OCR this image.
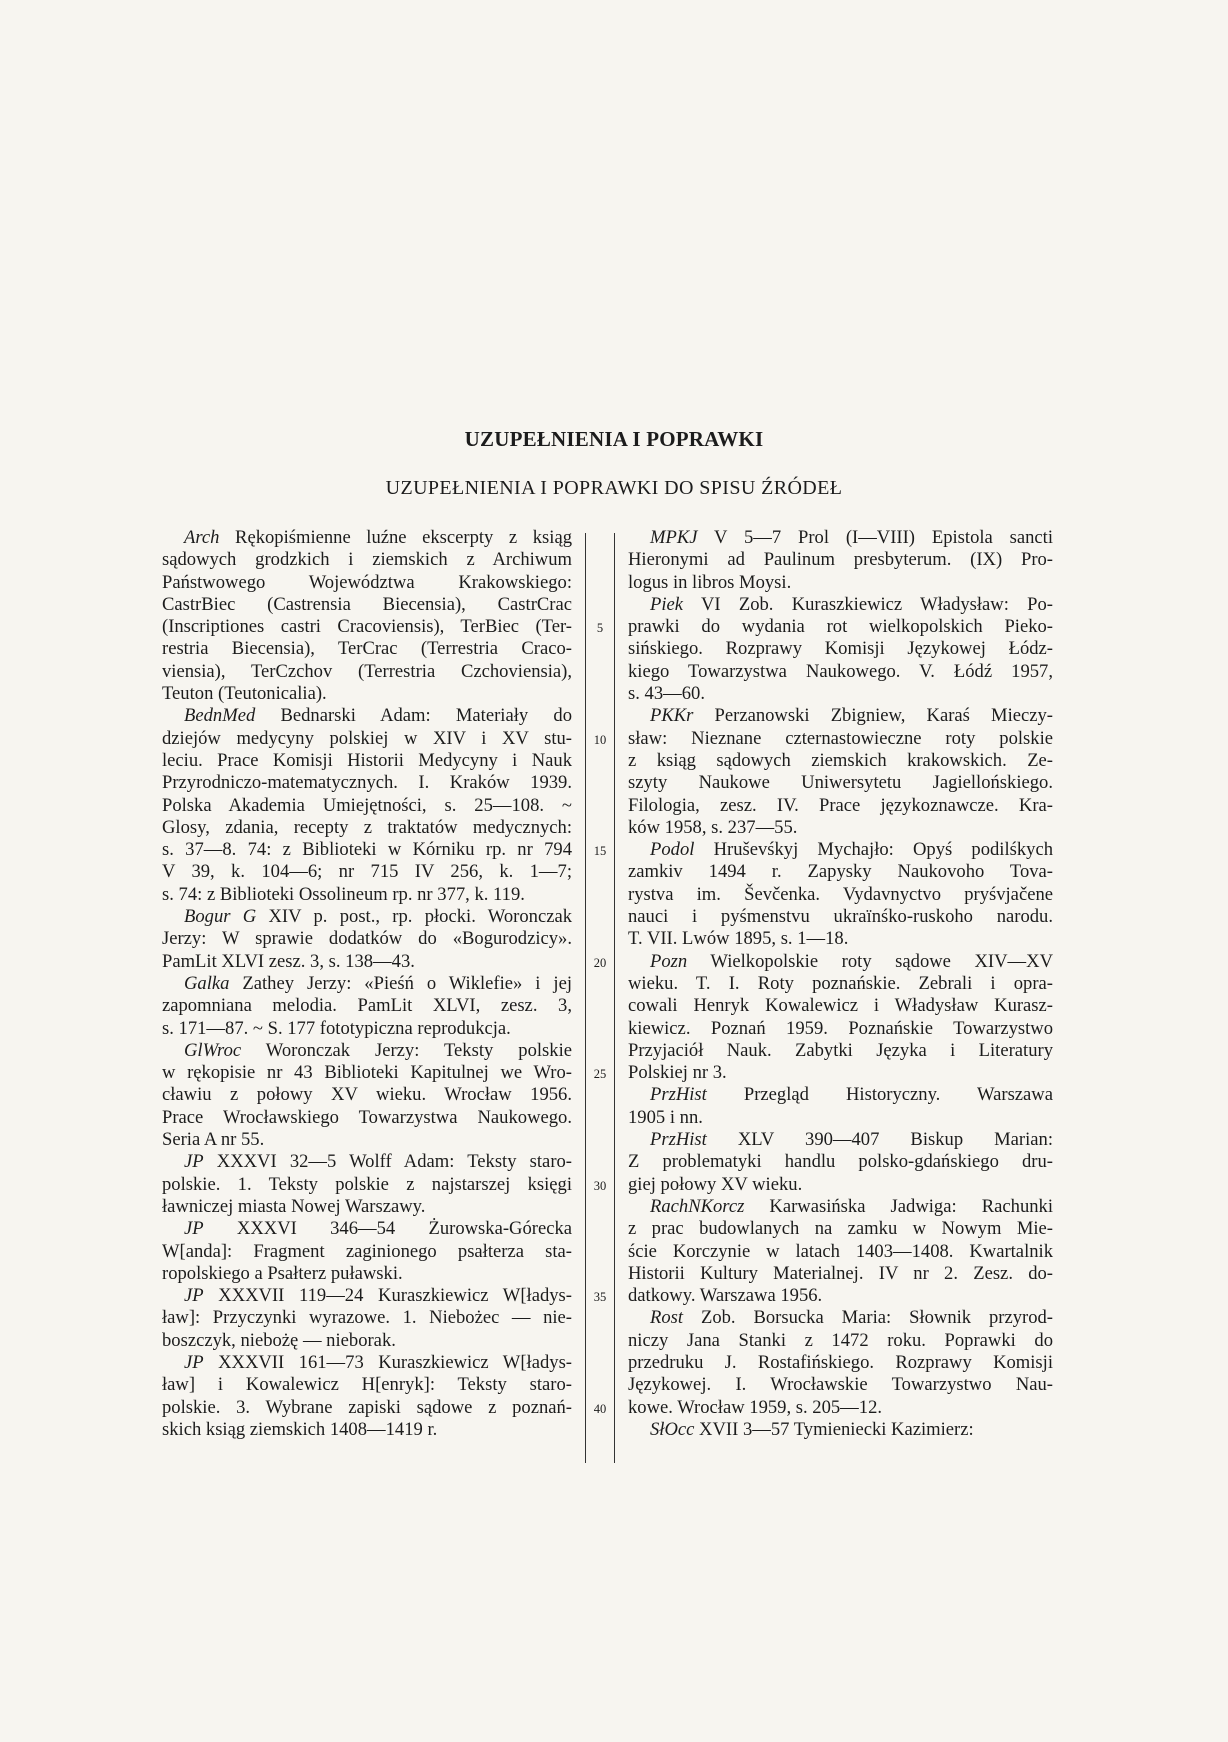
UZUPEŁNIENIA I POPRAWKI
UZUPEŁNIENIA I POPRAWKI DO SPISU ŹRÓDEŁ
Arch Rękopiśmienne luźne ekscerpty z ksiąg
sądowych grodzkich i ziemskich z Archiwum
Państwowego Województwa Krakowskiego:
CastrBiec (Castrensia Biecensia), CastrCrac
(Inscriptiones castri Cracoviensis), TerBiec (Ter-
restria Biecensia), TerCrac (Terrestria Craco-
viensia), TerCzchov (Terrestria Czchoviensia),
Teuton (Teutonicalia).
BednMed Bednarski Adam: Materiały do
dziejów medycyny polskiej w XIV i XV stu-
leciu. Prace Komisji Historii Medycyny i Nauk
Przyrodniczo-matematycznych. I. Kraków 1939.
Polska Akademia Umiejętności, s. 25—108. ~
Glosy, zdania, recepty z traktatów medycznych:
s. 37—8. 74: z Biblioteki w Kórniku rp. nr 794
V 39, k. 104—6; nr 715 IV 256, k. 1—7;
s. 74: z Biblioteki Ossolineum rp. nr 377, k. 119.
Bogur G XIV p. post., rp. płocki. Woronczak
Jerzy: W sprawie dodatków do «Bogurodzicy».
PamLit XLVI zesz. 3, s. 138—43.
Galka Zathey Jerzy: «Pieśń o Wiklefie» i jej
zapomniana melodia. PamLit XLVI, zesz. 3,
s. 171—87. ~ S. 177 fototypiczna reprodukcja.
GlWroc Woronczak Jerzy: Teksty polskie
w rękopisie nr 43 Biblioteki Kapitulnej we Wro-
cławiu z połowy XV wieku. Wrocław 1956.
Prace Wrocławskiego Towarzystwa Naukowego.
Seria A nr 55.
JP XXXVI 32—5 Wolff Adam: Teksty staro-
polskie. 1. Teksty polskie z najstarszej księgi
ławniczej miasta Nowej Warszawy.
JP XXXVI 346—54 Żurowska-Górecka
W[anda]: Fragment zaginionego psałterza sta-
ropolskiego a Psałterz puławski.
JP XXXVII 119—24 Kuraszkiewicz W[ładys-
ław]: Przyczynki wyrazowe. 1. Niebożec — nie-
boszczyk, niebożę — nieborak.
JP XXXVII 161—73 Kuraszkiewicz W[ładys-
ław] i Kowalewicz H[enryk]: Teksty staro-
polskie. 3. Wybrane zapiski sądowe z poznań-
skich ksiąg ziemskich 1408—1419 r.
5
10
15
20
25
30
35
40
MPKJ V 5—7 Prol (I—VIII) Epistola sancti
Hieronymi ad Paulinum presbyterum. (IX) Pro-
logus in libros Moysi.
Piek VI Zob. Kuraszkiewicz Władysław: Po-
prawki do wydania rot wielkopolskich Pieko-
sińskiego. Rozprawy Komisji Językowej Łódz-
kiego Towarzystwa Naukowego. V. Łódź 1957,
s. 43—60.
PKKr Perzanowski Zbigniew, Karaś Mieczy-
sław: Nieznane czternastowieczne roty polskie
z ksiąg sądowych ziemskich krakowskich. Ze-
szyty Naukowe Uniwersytetu Jagiellońskiego.
Filologia, zesz. IV. Prace językoznawcze. Kra-
ków 1958, s. 237—55.
Podol Hruševśkyj Mychajło: Opyś podilśkych
zamkiv 1494 r. Zapysky Naukovoho Tova-
rystva im. Ševčenka. Vydavnyctvo pryśvjačene
nauci i pyśmenstvu ukraïnśko-ruskoho narodu.
T. VII. Lwów 1895, s. 1—18.
Pozn Wielkopolskie roty sądowe XIV—XV
wieku. T. I. Roty poznańskie. Zebrali i opra-
cowali Henryk Kowalewicz i Władysław Kurasz-
kiewicz. Poznań 1959. Poznańskie Towarzystwo
Przyjaciół Nauk. Zabytki Języka i Literatury
Polskiej nr 3.
PrzHist Przegląd Historyczny. Warszawa
1905 i nn.
PrzHist XLV 390—407 Biskup Marian:
Z problematyki handlu polsko-gdańskiego dru-
giej połowy XV wieku.
RachNKorcz Karwasińska Jadwiga: Rachunki
z prac budowlanych na zamku w Nowym Mie-
ście Korczynie w latach 1403—1408. Kwartalnik
Historii Kultury Materialnej. IV nr 2. Zesz. do-
datkowy. Warszawa 1956.
Rost Zob. Borsucka Maria: Słownik przyrod-
niczy Jana Stanki z 1472 roku. Poprawki do
przedruku J. Rostafińskiego. Rozprawy Komisji
Językowej. I. Wrocławskie Towarzystwo Nau-
kowe. Wrocław 1959, s. 205—12.
SłOcc XVII 3—57 Tymieniecki Kazimierz:
